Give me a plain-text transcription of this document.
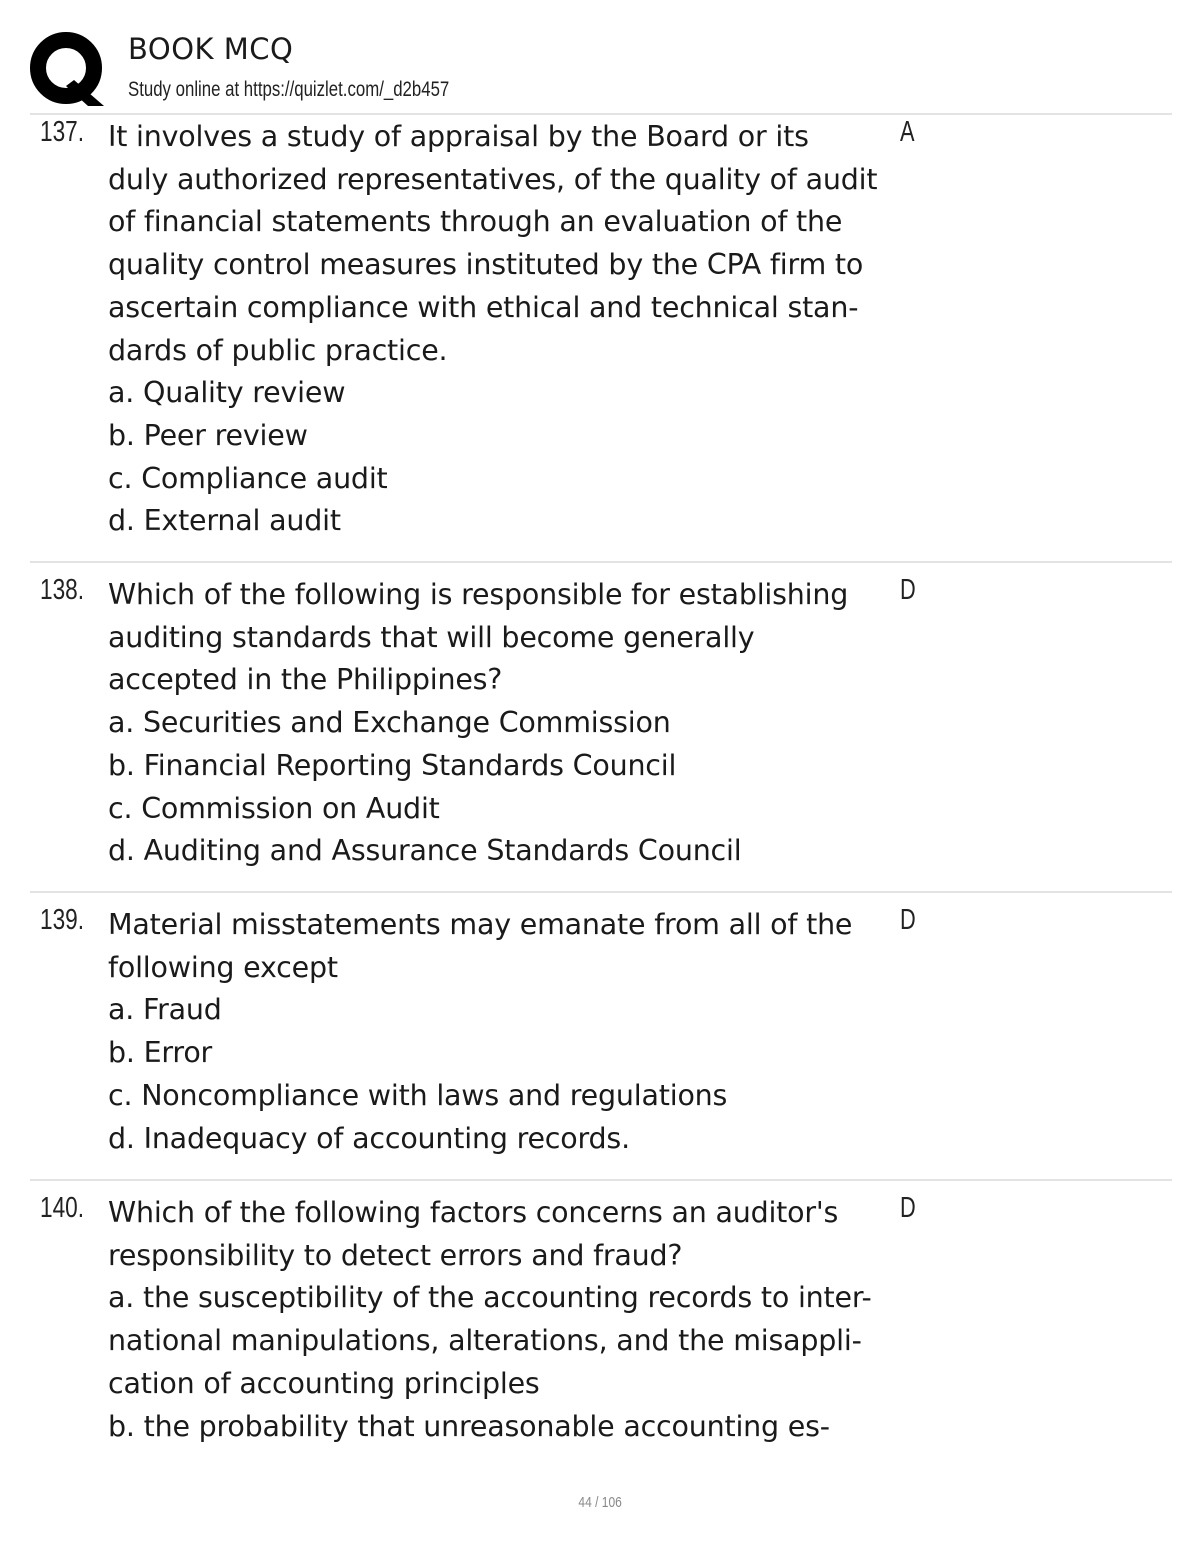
BOOK MCQ
Study online at https://quizlet.com/_d2b457
137. It involves a study of appraisal by the Board or its
duly authorized representatives, of the quality of audit
of financial statements through an evaluation of the
quality control measures instituted by the CPA firm to
ascertain compliance with ethical and technical stan-
dards of public practice.
a. Quality review
b. Peer review
c. Compliance audit
d. External audit
A
138. Which of the following is responsible for establishing
auditing standards that will become generally
accepted in the Philippines?
a. Securities and Exchange Commission
b. Financial Reporting Standards Council
c. Commission on Audit
d. Auditing and Assurance Standards Council
D
139. Material misstatements may emanate from all of the
following except
a. Fraud
b. Error
c. Noncompliance with laws and regulations
d. Inadequacy of accounting records.
D
140. Which of the following factors concerns an auditor's
responsibility to detect errors and fraud?
a. the susceptibility of the accounting records to inter-
national manipulations, alterations, and the misappli-
cation of accounting principles
b. the probability that unreasonable accounting es-
D
44 / 106
